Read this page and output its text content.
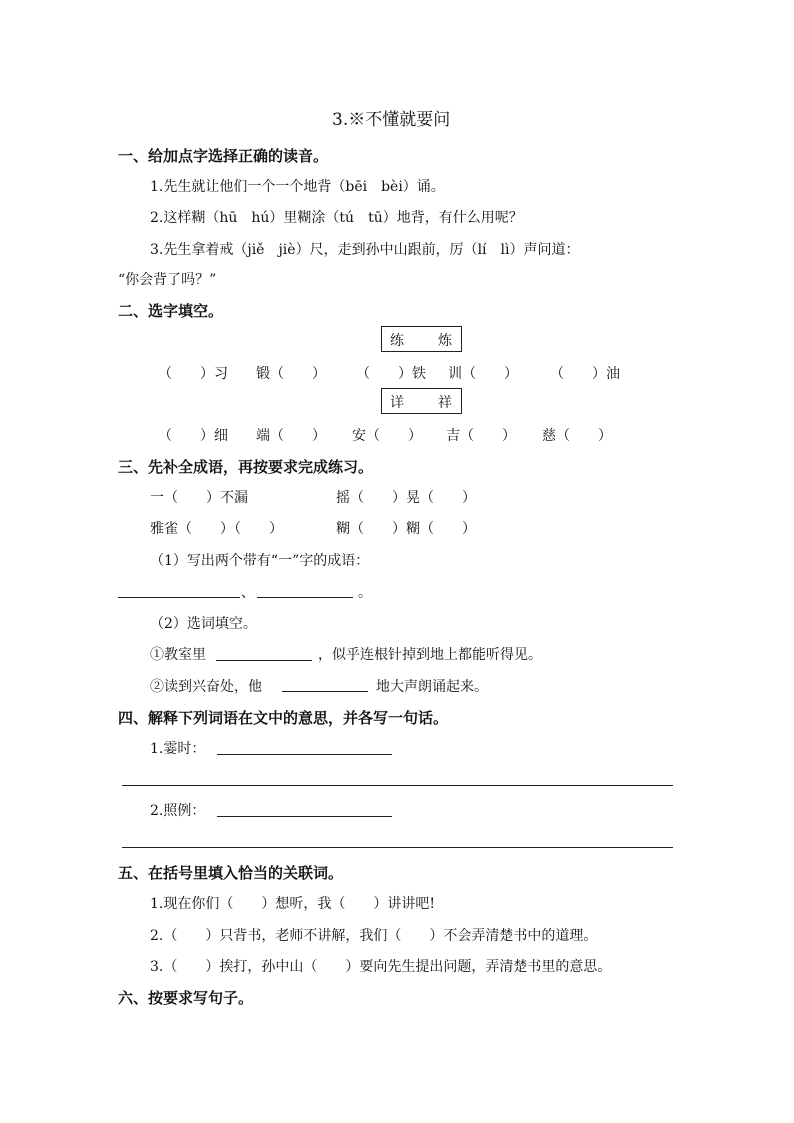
3.※不懂就要问
一、给加点字选择正确的读音。
1.先生就让他们一个一个地背（bēi　bèi）诵。
2.这样糊（hū　hú）里糊涂（tú　tū）地背，有什么用呢？
3.先生拿着戒（jiě　jiè）尺，走到孙中山跟前，厉（lí　lì）声问道：
“你会背了吗？”
二、选字填空。
练 炼
（　　）习 锻（　　） （　　）铁 训（　　） （　　）油
详 祥
（　　）细 端（　　） 安（　　） 吉（　　） 慈（　　）
三、先补全成语，再按要求完成练习。
一（　　）不漏	摇（　　）晃（　　）
雅雀（　　）（　　）	糊（　　）糊（　　）
（1）写出两个带有“一”字的成语：
、	。
（2）选词填空。
①教室里	，似乎连根针掉到地上都能听得见。
②读到兴奋处，他	地大声朗诵起来。
四、解释下列词语在文中的意思，并各写一句话。
1.霎时：
2.照例：
五、在括号里填入恰当的关联词。
1.现在你们（　　）想听，我（　　）讲讲吧!
2.（　　）只背书，老师不讲解，我们（　　）不会弄清楚书中的道理。
3.（　　）挨打，孙中山（　　）要向先生提出问题，弄清楚书里的意思。
六、按要求写句子。
